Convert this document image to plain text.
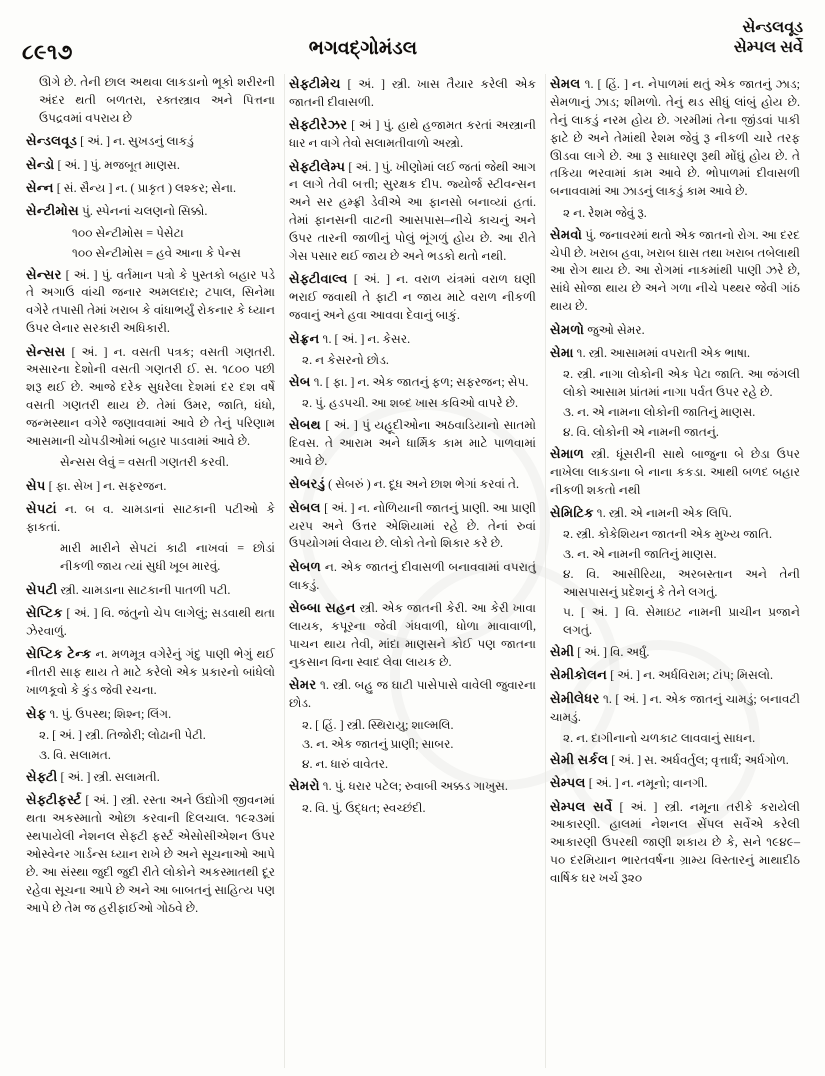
૮૯૧૭	ભગવદ્‌ગોમંડલ
સેન્ડલવૂડ
સેમ્પલ સર્વે

ઊગે છે. તેની છાલ અથવા લાકડાનો ભૂકો શરીરની અંદર થતી બળતરા, રક્તસ્ત્રાવ અને પિત્તના ઉપદ્રવમાં વપરાય છે

સેન્ડલવૂડ [ અં. ] ન. સુખડનું લાકડું

સેન્ડો [ અં. ] પું. મજબૂત માણસ.

સેન્ન [ સં. સૈન્ય ] ન. ( પ્રાકૃત ) લશ્કર; સેના.

સેન્ટીમોસ પું. સ્પેનનાં ચલણનો સિક્કો.

૧૦૦ સેન્ટીમોસ = પેસેટા

૧૦૦ સેન્ટીમોસ = હવે આના કે પેન્સ

સેન્સર [ અં. ] પું. વર્તમાન પત્રો કે પુસ્તકો બહાર પડે તે અગાઉ વાંચી જનાર અમલદાર; ટપાલ, સિનેમા વગેરે તપાસી તેમાં ખરાબ કે વાંધાભર્યું રોકનાર કે ધ્યાન ઉપર લેનાર સરકારી અધિકારી.

સેન્સસ [ અં. ] ન. વસતી પત્રક; વસતી ગણતરી. અસારના દેશોની વસતી ગણતરી ઈ. સ. ૧૮૦૦ પછી શરૂ થઈ છે. આજે દરેક સુધરેલા દેશમાં દર દશ વર્ષે વસતી ગણતરી થાય છે. તેમાં ઉમર, જાતિ, ધંધો, જન્મસ્થાન વગેરે જણાવવામાં આવે છે તેનું પરિણામ આસમાની ચોપડીઓમાં બહાર પાડવામાં આવે છે.

સેન્સસ લેવું = વસતી ગણતરી કરવી.

સેપ [ ફા. સેખ ] ન. સફરજન.

સેપટાં ન. બ વ. ચામડાનાં સાટકાની પટીઓ કે ફાકતાં.

મારી મારીને સેપટાં કાઢી નાખવાં = છોડાં નીકળી જાય ત્યાં સુધી ખૂબ મારવું.

સેપટી સ્ત્રી. ચામડાના સાટકાની પાતળી પટી.

સેપ્ટિક [ અં. ] વિ. જંતુનો ચેપ લાગેલું; સડવાથી થતા ઝેરવાળું.

સેપ્ટિક ટેન્ક ન. મળમૂત્ર વગેરેનું ગંદુ પાણી ભેગું થઈ નીતરી સાફ થાય તે માટે કરેલો એક પ્રકારનો બાંધેલો ખાળકૂવો કે કુંડ જેવી રચના.

સેફ ૧. પું. ઉપસ્થ; શિશ્ન; લિંગ.

૨. [ અં. ] સ્ત્રી. તિજોરી; લોઢાની પેટી.

૩. વિ. સલામત.

સેફ્ટી [ અં. ] સ્ત્રી. સલામતી.

સેફ્ટીફર્સ્ટ [ અં. ] સ્ત્રી. રસ્તા અને ઉદ્યોગી જીવનમાં થતા અકસ્માતો ઓછા કરવાની દિલચાલ. ૧૯૨૩માં સ્થપાયેલી નેશનલ સેફ્ટી ફર્સ્ટ એસોસીએશન ઉપર ઓસ્વેનર ગાર્ડન્સ ધ્યાન રાખે છે અને સૂચનાઓ આપે છે. આ સંસ્થા જુદી જુદી રીતે લોકોને અકસ્માતથી દૂર રહેવા સૂચના આપે છે અને આ બાબતનું સાહિત્ય પણ આપે છે તેમ જ હરીફાઈઓ ગોઠવે છે.

સેફ્ટીમેચ [ અં. ] સ્ત્રી. ખાસ તૈયાર કરેલી એક જાતની દીવાસળી.

સેફ્ટીરેઝર [ અં ] પું. હાથે હજામત કરતાં અસ્ત્રાની ધાર ન વાગે તેવો સલામતીવાળો અસ્ત્રો.

સેફ્ટીલેમ્પ [ અં. ] પું. ખીણોમાં લઈ જતાં જેથી આગ ન લાગે તેવી બત્તી; સુરક્ષક દીપ. જ્યોર્જ સ્ટીવન્સન અને સર હમ્ફ્રી ડેવીએ આ ફાનસો બનાવ્યાં હતાં. તેમાં ફાનસની વાટની આસપાસ–નીચે કાચનું અને ઉપર તારની જાળીનું પોલું ભૂંગળું હોય છે. આ રીતે ગેસ પસાર થઈ જાય છે અને ભડકો થતો નથી.

સેફ્ટીવાલ્વ [ અં. ] ન. વરાળ યંત્રમાં વરાળ ઘણી ભરાઈ જવાથી તે ફાટી ન જાય માટે વરાળ નીકળી જવાનું અને હવા આવવા દેવાનું બાકું.

સેફ્રન ૧. [ અં. ] ન. કેસર.

૨. ન કેસરનો છોડ.

સેબ ૧. [ ફા. ] ન. એક જાતનું ફળ; સફરજન; સેપ.

૨. પું. હડપચી. આ શબ્દ ખાસ કવિઓ વાપરે છે.

સેબથ [ અં. ] પું યહૂદીઓના અઠવાડિયાનો સાતમો દિવસ. તે આરામ અને ધાર્મિક કામ માટે પાળવામાં આવે છે.

સેબરડું ( સેબરું ) ન. દૂધ અને છાશ ભેગાં કરવાં તે.

સેબલ [ અં. ] ન. નોળિયાની જાતનું પ્રાણી. આ પ્રાણી યરપ અને ઉત્તર એશિયામાં રહે છે. તેનાં રુવાં ઉપયોગમાં લેવાય છે. લોકો તેનો શિકાર કરે છે.

સેબળ ન. એક જાતનું દીવાસળી બનાવવામાં વપરાતું લાકડું.

સેબ્બા સહન સ્ત્રી. એક જાતની કેરી. આ કેરી ખાવા લાયક, કપૂરના જેવી ગંધવાળી, ધોળા માવાવાળી, પાચન થાય તેવી, માંદા માણસને કોઈ પણ જાતના નુકસાન વિના સ્વાદ લેવા લાયક છે.

સેમર ૧. સ્ત્રી. બહુ જ ઘાટી પાસેપાસે વાવેલી જુવારના છોડ.

૨. [ હિં. ] સ્ત્રી. સ્થિરાયુ; શાલ્મલિ.

૩. ન. એક જાતનું પ્રાણી; સાબર.

૪. ન. ધારું વાવેતર.

સેમરો ૧. પું. ધરાર પટેલ; રુવાબી અક્કડ ગાખુસ.

૨. વિ. પું. ઉદ્ધત; સ્વચ્છંદી.

સેમલ ૧. [ હિં. ] ન. નેપાળમાં થતું એક જાતનું ઝાડ; સેમળાનું ઝાડ; શીમળો. તેનું થડ સીધું લાંબું હોય છે. તેનું લાકડું નરમ હોય છે. ગરમીમાં તેના જીંડવાં પાકી ફાટે છે અને તેમાંથી રેશમ જેવું રૂ નીકળી ચારે તરફ ઊડવા લાગે છે. આ રૂ સાધારણ રૂથી મોંઘું હોય છે. તે તકિયા ભરવામાં કામ આવે છે. ભોપાળમાં દીવાસળી બનાવવામાં આ ઝાડનું લાકડું કામ આવે છે.

૨ ન. રેશમ જેવું રૂ.

સેમવો પું. જનાવરમાં થતો એક જાતનો રોગ. આ દરદ ચેપી છે. ખરાબ હવા, ખરાબ ઘાસ તથા ખરાબ તબેલાથી આ રોગ થાય છે. આ રોગમાં નાકમાંથી પાણી ઝરે છે, સાંધે સોજા થાય છે અને ગળા નીચે પથ્થર જેવી ગાંઠ થાય છે.

સેમળો જુઓ સેમર.

સેમા ૧. સ્ત્રી. આસામમાં વપરાતી એક ભાષા.

૨. સ્ત્રી. નાગા લોકોની એક પેટા જાતિ. આ જંગલી લોકો આસામ પ્રાંતમાં નાગા પર્વત ઉપર રહે છે.

૩. ન. એ નામના લોકોની જાતિનું માણસ.

૪. વિ. લોકોની એ નામની જાતનું.

સેમાળ સ્ત્રી. ધૂંસરીની સાથે બાજુના બે છેડા ઉપર નાખેલા લાકડાના બે નાના કકડા. આથી બળદ બહાર નીકળી શકતો નથી

સેમિટિક ૧. સ્ત્રી. એ નામની એક લિપિ.

૨. સ્ત્રી. કોકેશિયન જાતની એક મુખ્ય જાતિ.

૩. ન. એ નામની જાતિનું માણસ.

૪. વિ. આસીરિયા, અરબસ્તાન અને તેની આસપાસનું પ્રદેશનું કે તેને લગતું.

૫. [ અં. ] વિ. સેમાઇટ નામની પ્રાચીન પ્રજાને લગતું.

સેમી [ અં. ] વિ. અર્ધું.

સેમીકોલન [ અં. ] ન. અર્ધવિરામ; ટાંપ; મિસલો.

સેમીલેધર ૧. [ અં. ] ન. એક જાતનું ચામડું; બનાવટી ચામડું.

૨. ન. દાગીનાનો ચળકાટ લાવવાનું સાધન.

સેમી સર્કલ [ અં. ] સ. અર્ધવર્તુલ; વૃત્તાર્ધં; અર્ધગોળ.

સેમ્પલ [ અં. ] ન. નમૂનો; વાનગી.

સેમ્પલ સર્વે [ અં. ] સ્ત્રી. નમૂના તરીકે કરાયેલી આકારણી. હાલમાં નેશનલ સેંપલ સર્વેએ કરેલી આકારણી ઉપરથી જાણી શકાય છે કે, સને ૧૯૪૯–૫૦ દરમિયાન ભારતવર્ષના ગ્રામ્ય વિસ્તારનું માથાદીઠ વાર્ષિક ઘર ખર્ચ રૂ૨૦
